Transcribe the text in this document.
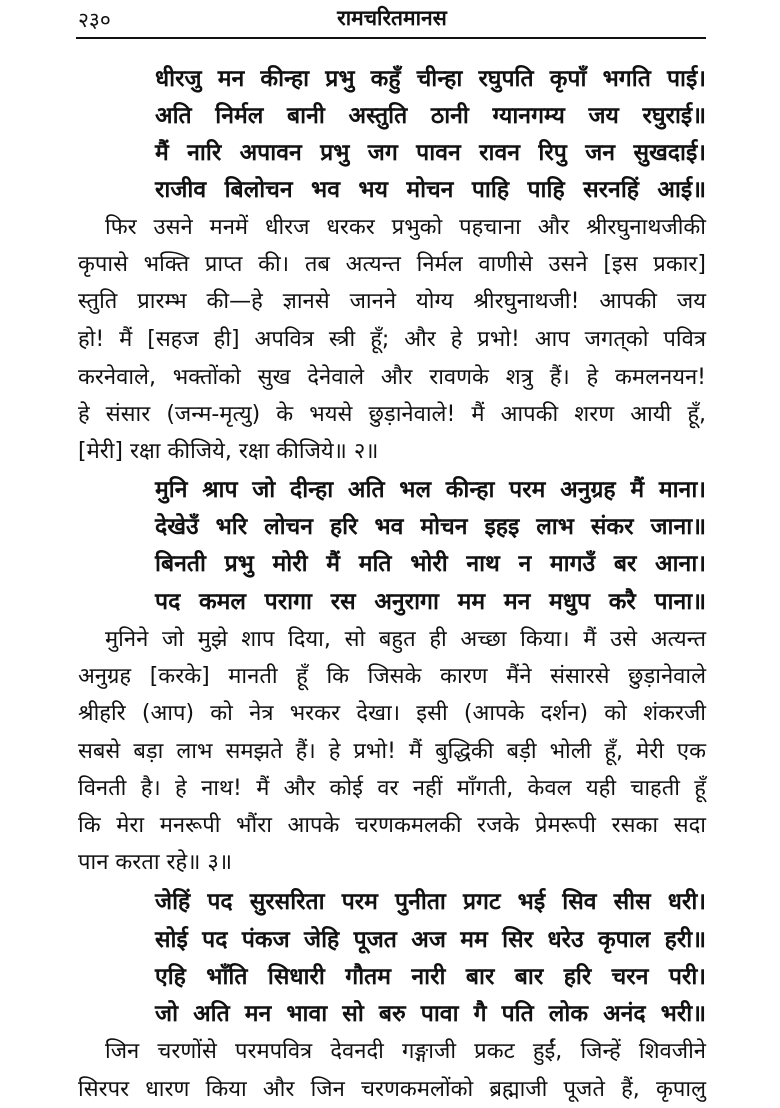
२३०	रामचरितमानस
धीरजु मन कीन्हा प्रभु कहुँ चीन्हा रघुपति कृपाँ भगति पाई।
अति निर्मल बानी अस्तुति ठानी ग्यानगम्य जय रघुराई॥
मैं नारि अपावन प्रभु जग पावन रावन रिपु जन सुखदाई।
राजीव बिलोचन भव भय मोचन पाहि पाहि सरनहिं आई॥
फिर उसने मनमें धीरज धरकर प्रभुको पहचाना और श्रीरघुनाथजीकी
कृपासे भक्ति प्राप्त की। तब अत्यन्त निर्मल वाणीसे उसने [इस प्रकार]
स्तुति प्रारम्भ की—हे ज्ञानसे जानने योग्य श्रीरघुनाथजी! आपकी जय
हो! मैं [सहज ही] अपवित्र स्त्री हूँ; और हे प्रभो! आप जगत्‌को पवित्र
करनेवाले, भक्तोंको सुख देनेवाले और रावणके शत्रु हैं। हे कमलनयन!
हे संसार (जन्म-मृत्यु) के भयसे छुड़ानेवाले! मैं आपकी शरण आयी हूँ,
[मेरी] रक्षा कीजिये, रक्षा कीजिये॥ २॥
मुनि श्राप जो दीन्हा अति भल कीन्हा परम अनुग्रह मैं माना।
देखेउँ भरि लोचन हरि भव मोचन इहइ लाभ संकर जाना॥
बिनती प्रभु मोरी मैं मति भोरी नाथ न मागउँ बर आना।
पद कमल परागा रस अनुरागा मम मन मधुप करै पाना॥
मुनिने जो मुझे शाप दिया, सो बहुत ही अच्छा किया। मैं उसे अत्यन्त
अनुग्रह [करके] मानती हूँ कि जिसके कारण मैंने संसारसे छुड़ानेवाले
श्रीहरि (आप) को नेत्र भरकर देखा। इसी (आपके दर्शन) को शंकरजी
सबसे बड़ा लाभ समझते हैं। हे प्रभो! मैं बुद्धिकी बड़ी भोली हूँ, मेरी एक
विनती है। हे नाथ! मैं और कोई वर नहीं माँगती, केवल यही चाहती हूँ
कि मेरा मनरूपी भौंरा आपके चरणकमलकी रजके प्रेमरूपी रसका सदा
पान करता रहे॥ ३॥
जेहिं पद सुरसरिता परम पुनीता प्रगट भई सिव सीस धरी।
सोई पद पंकज जेहि पूजत अज मम सिर धरेउ कृपाल हरी॥
एहि भाँति सिधारी गौतम नारी बार बार हरि चरन परी।
जो अति मन भावा सो बरु पावा गै पति लोक अनंद भरी॥
जिन चरणोंसे परमपवित्र देवनदी गङ्गाजी प्रकट हुईं, जिन्हें शिवजीने
सिरपर धारण किया और जिन चरणकमलोंको ब्रह्माजी पूजते हैं, कृपालु
